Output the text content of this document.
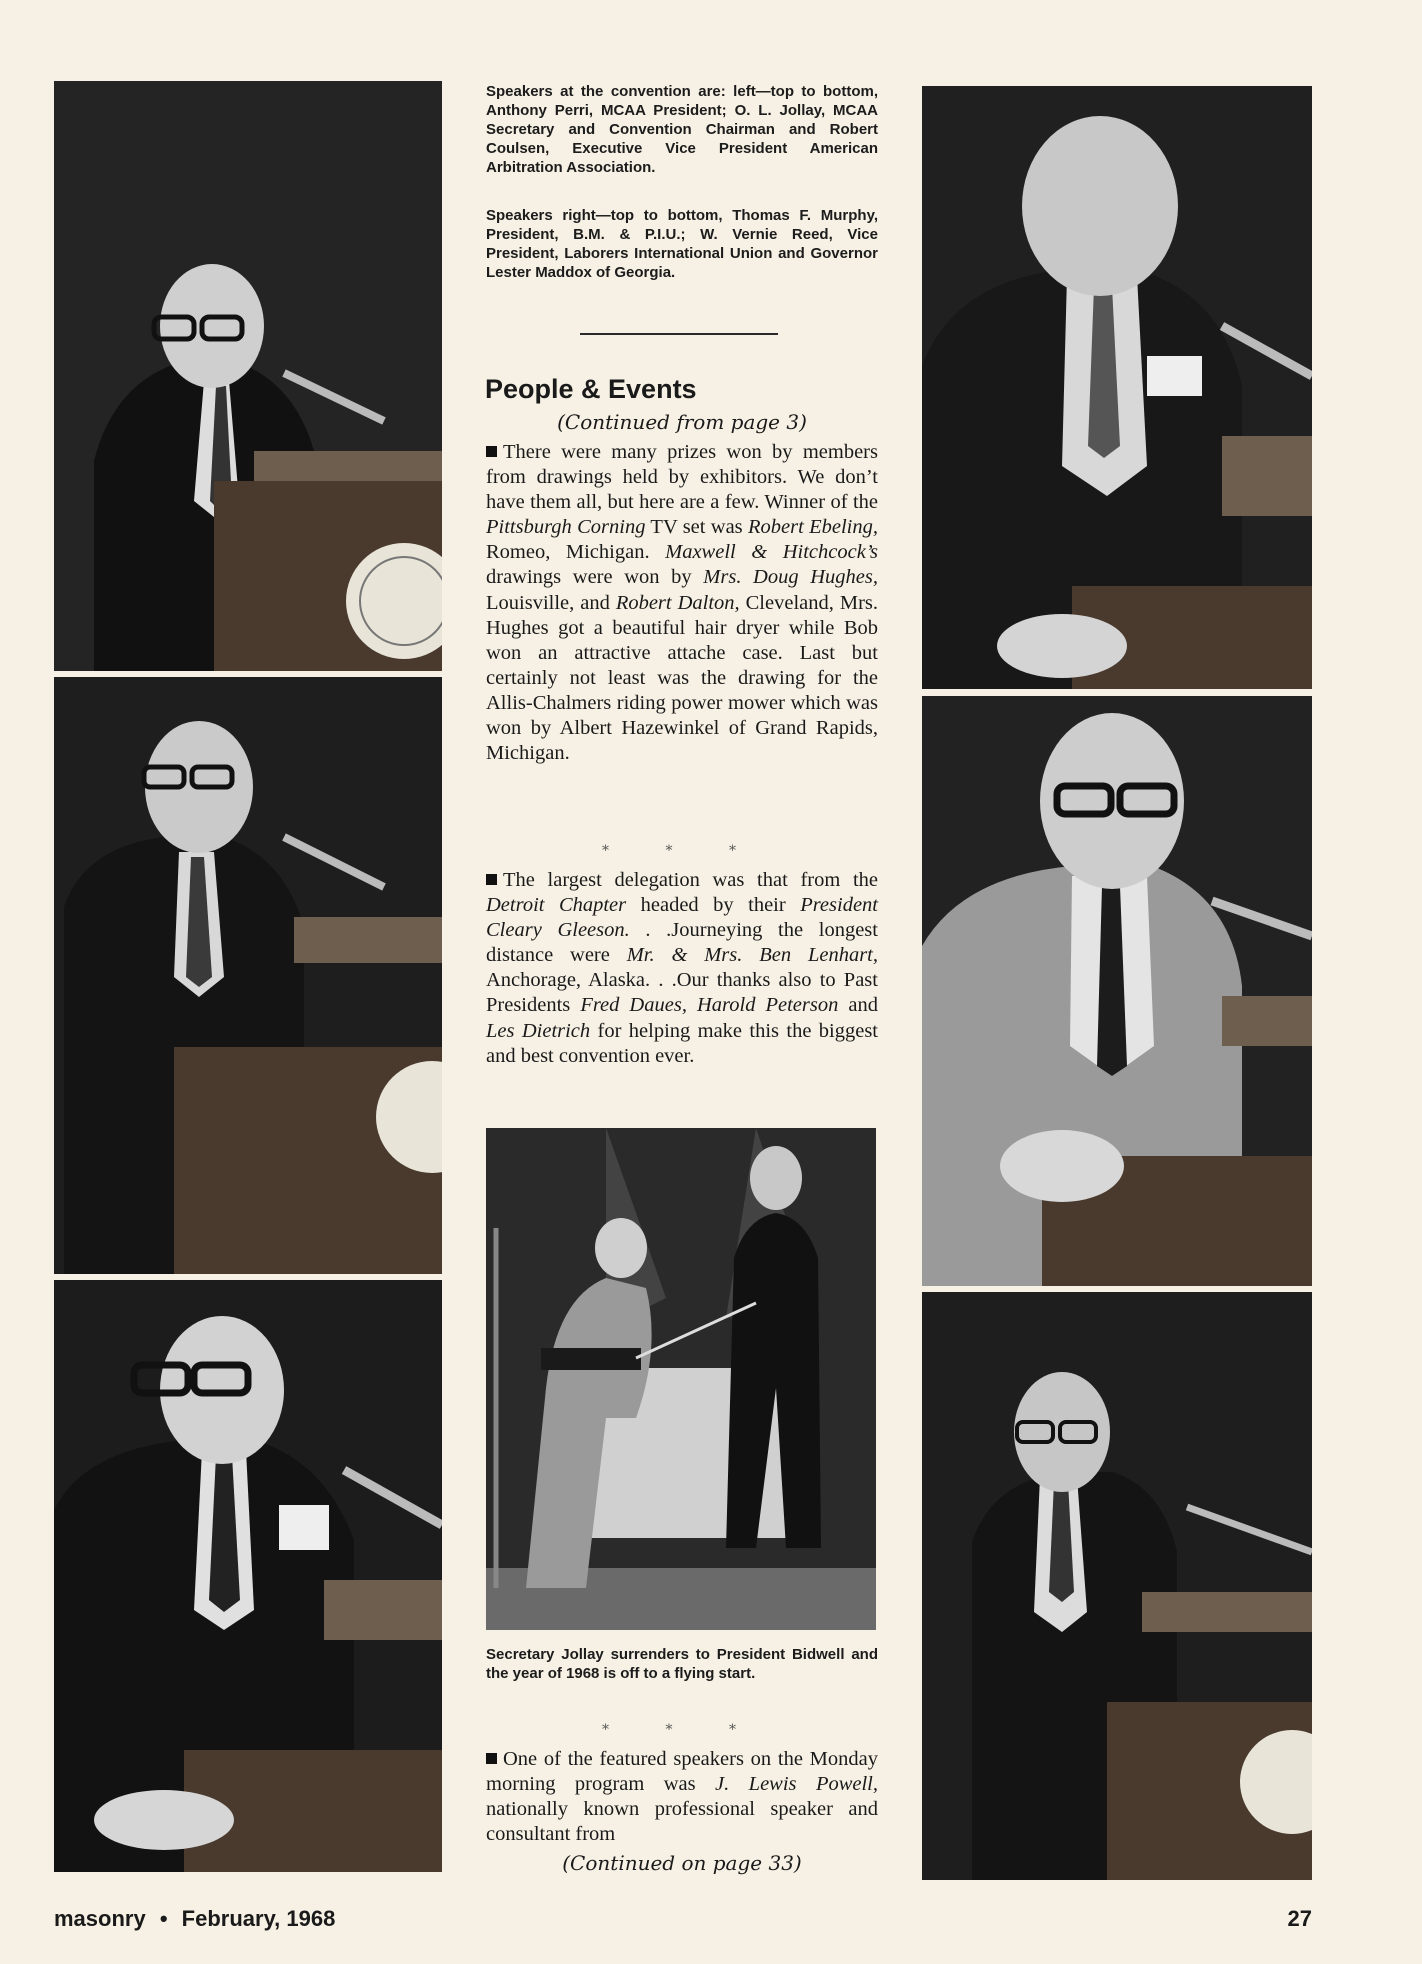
Speakers at the convention are: left—top to bottom, Anthony Perri, MCAA President; O. L. Jollay, MCAA Secretary and Convention Chairman and Robert Coulsen, Executive Vice President American Arbitration Association.
Speakers right—top to bottom, Thomas F. Murphy, President, B.M. & P.I.U.; W. Vernie Reed, Vice President, Laborers International Union and Governor Lester Maddox of Georgia.
People & Events
(Continued from page 3)

There were many prizes won by members from drawings held by exhibitors. We don’t have them all, but here are a few. Winner of the Pittsburgh Corning TV set was Robert Ebeling, Romeo, Michigan. Maxwell & Hitchcock’s drawings were won by Mrs. Doug Hughes, Louisville, and Robert Dalton, Cleveland, Mrs. Hughes got a beautiful hair dryer while Bob won an attractive attache case. Last but certainly not least was the drawing for the Allis-Chalmers riding power mower which was won by Albert Hazewinkel of Grand Rapids, Michigan.

* * *

The largest delegation was that from the Detroit Chapter headed by their President Cleary Gleeson. . .Journeying the longest distance were Mr. & Mrs. Ben Lenhart, Anchorage, Alaska. . .Our thanks also to Past Presidents Fred Daues, Harold Peterson and Les Dietrich for helping make this the biggest and best convention ever.

Secretary Jollay surrenders to President Bidwell and the year of 1968 is off to a flying start.
* * *

One of the featured speakers on the Monday morning program was J. Lewis Powell, nationally known professional speaker and consultant from

(Continued on page 33)
masonry • February, 1968	27
